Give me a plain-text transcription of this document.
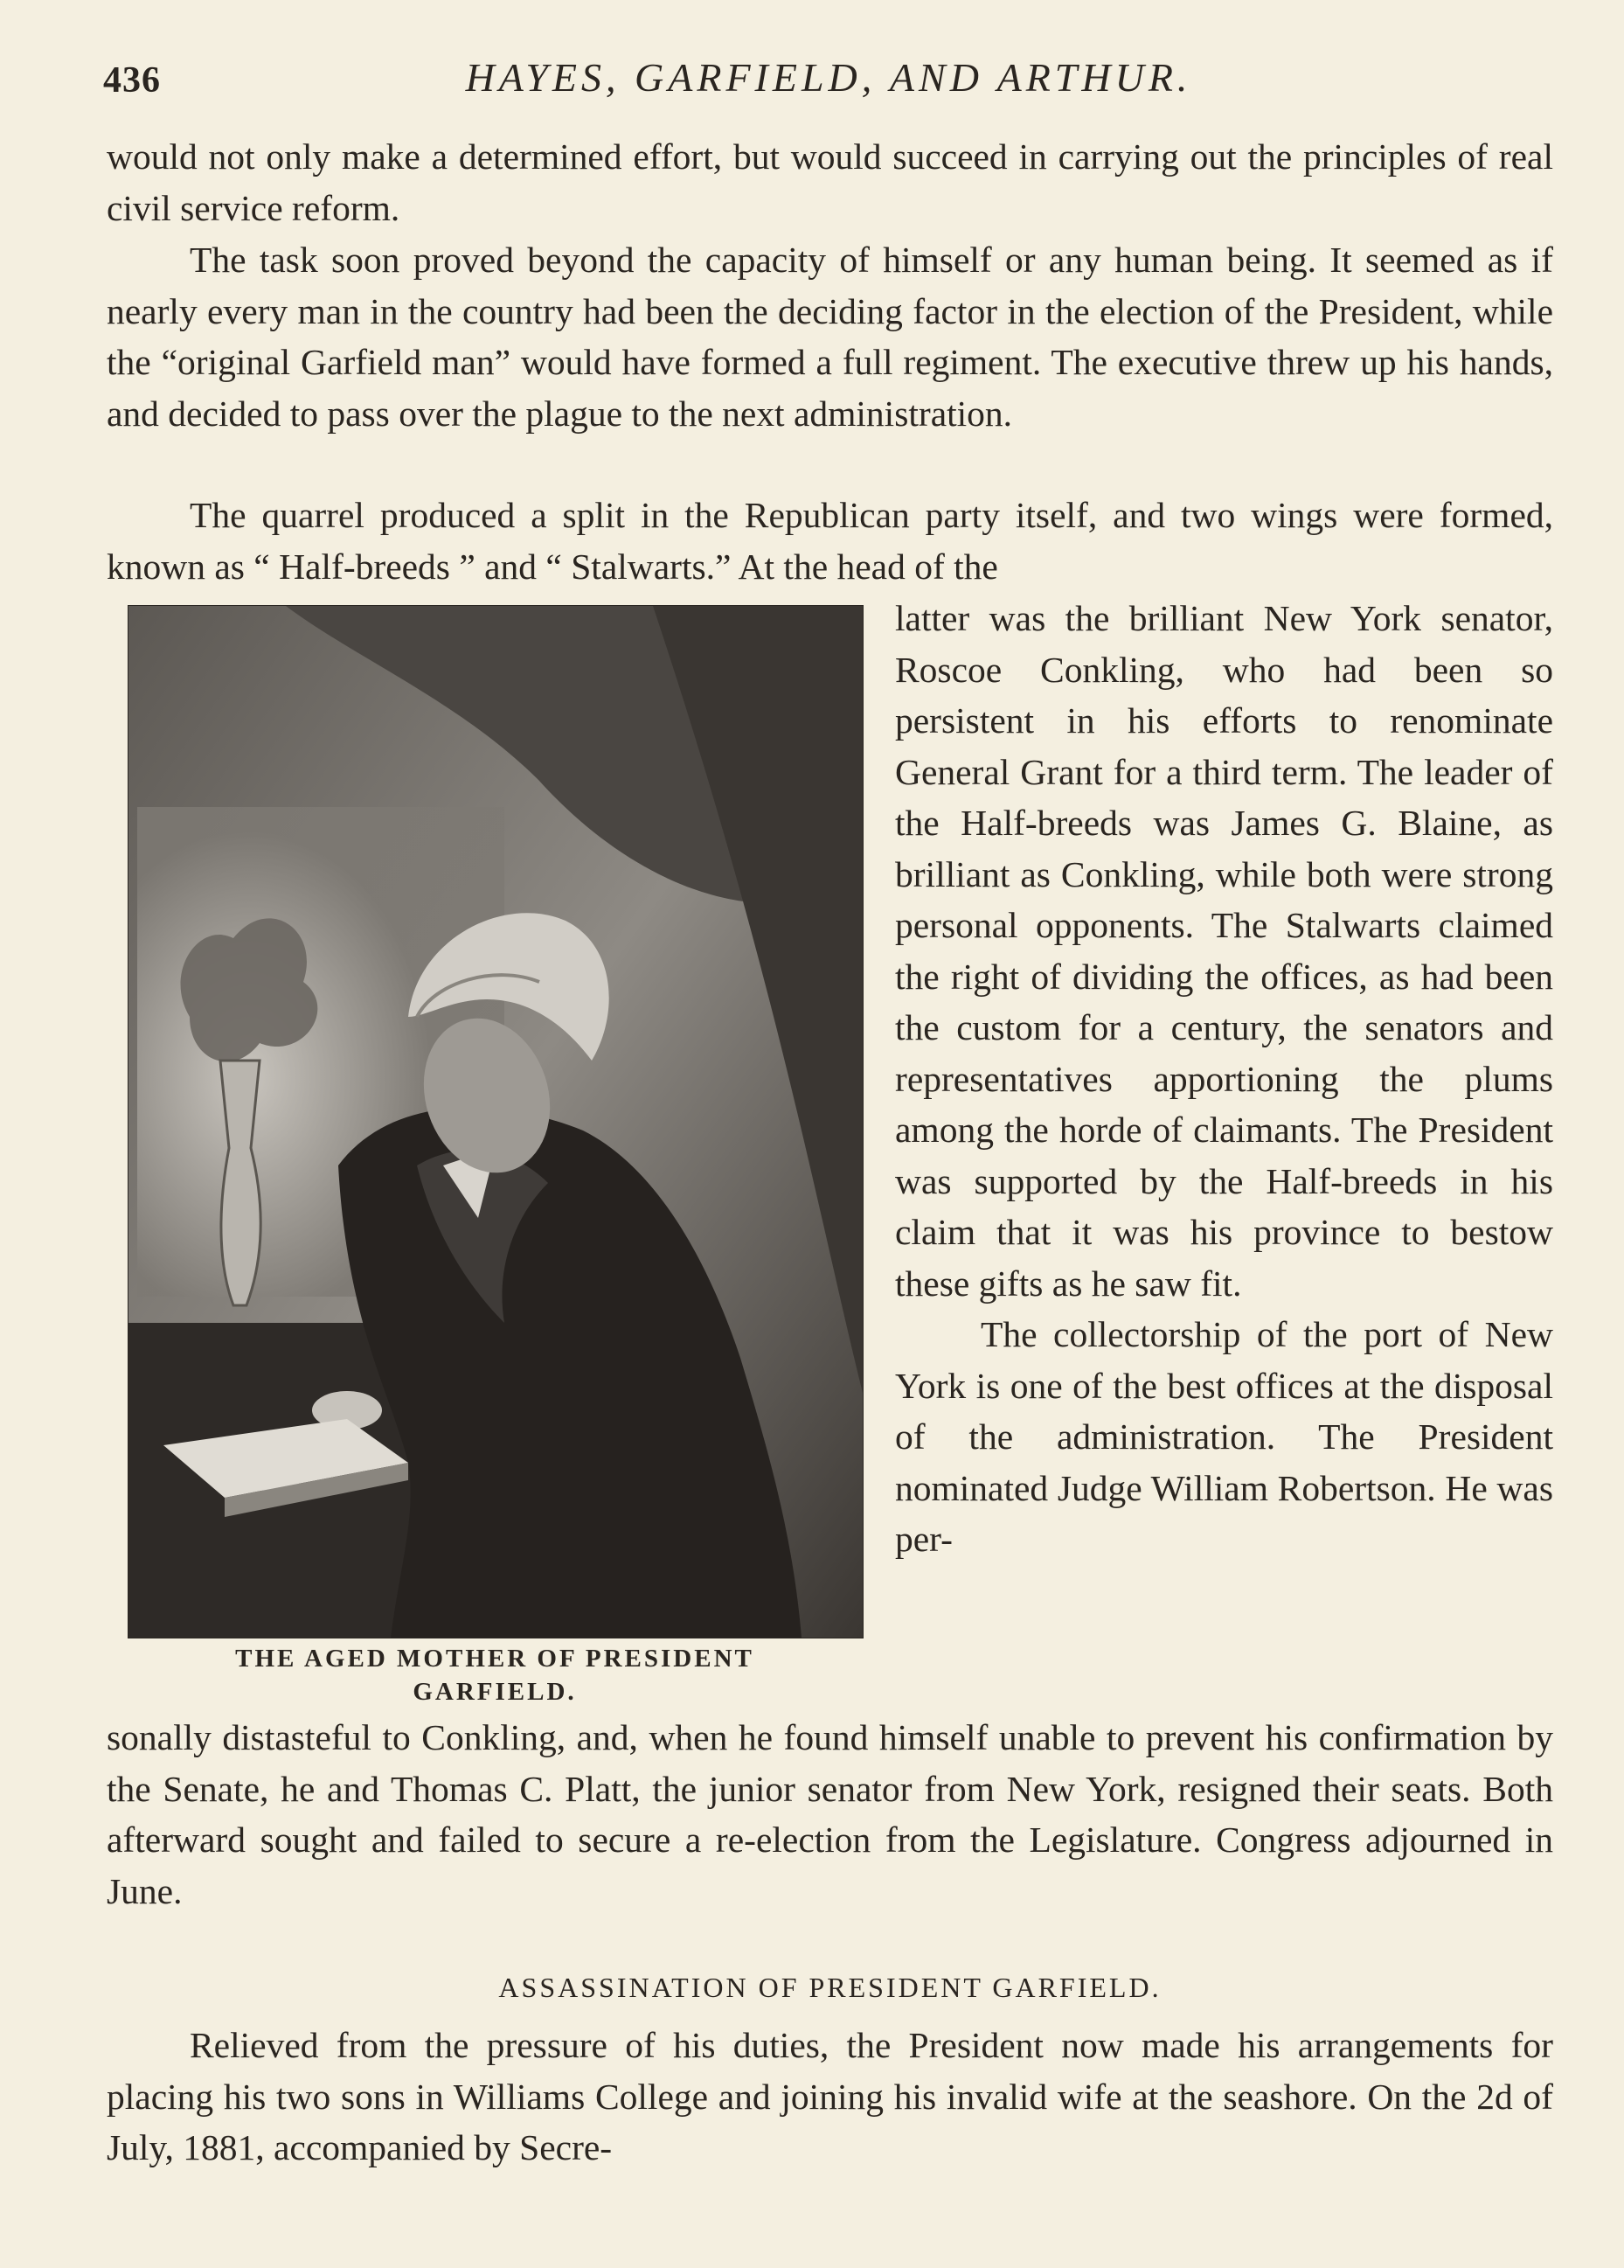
436	HAYES, GARFIELD, AND ARTHUR.

would not only make a determined effort, but would succeed in carrying out the principles of real civil service reform.

The task soon proved beyond the capacity of himself or any human being. It seemed as if nearly every man in the country had been the deciding factor in the election of the President, while the “original Garfield man” would have formed a full regiment. The executive threw up his hands, and decided to pass over the plague to the next administration.

The quarrel produced a split in the Republican party itself, and two wings were formed, known as “ Half-breeds ” and “ Stalwarts.” At the head of the

THE AGED MOTHER OF PRESIDENT
GARFIELD.

latter was the brilliant New York senator, Roscoe Conkling, who had been so persistent in his efforts to renominate General Grant for a third term. The leader of the Half-breeds was James G. Blaine, as brilliant as Conkling, while both were strong personal opponents. The Stalwarts claimed the right of dividing the offices, as had been the custom for a century, the senators and representatives apportioning the plums among the horde of claimants. The President was supported by the Half-breeds in his claim that it was his province to bestow these gifts as he saw fit.

The collectorship of the port of New York is one of the best offices at the disposal of the administration. The President nominated Judge William Robertson. He was per-

sonally distasteful to Conkling, and, when he found himself unable to prevent his confirmation by the Senate, he and Thomas C. Platt, the junior senator from New York, resigned their seats. Both afterward sought and failed to secure a re-election from the Legislature. Congress adjourned in June.

ASSASSINATION OF PRESIDENT GARFIELD.

Relieved from the pressure of his duties, the President now made his arrangements for placing his two sons in Williams College and joining his invalid wife at the seashore. On the 2d of July, 1881, accompanied by Secre-
